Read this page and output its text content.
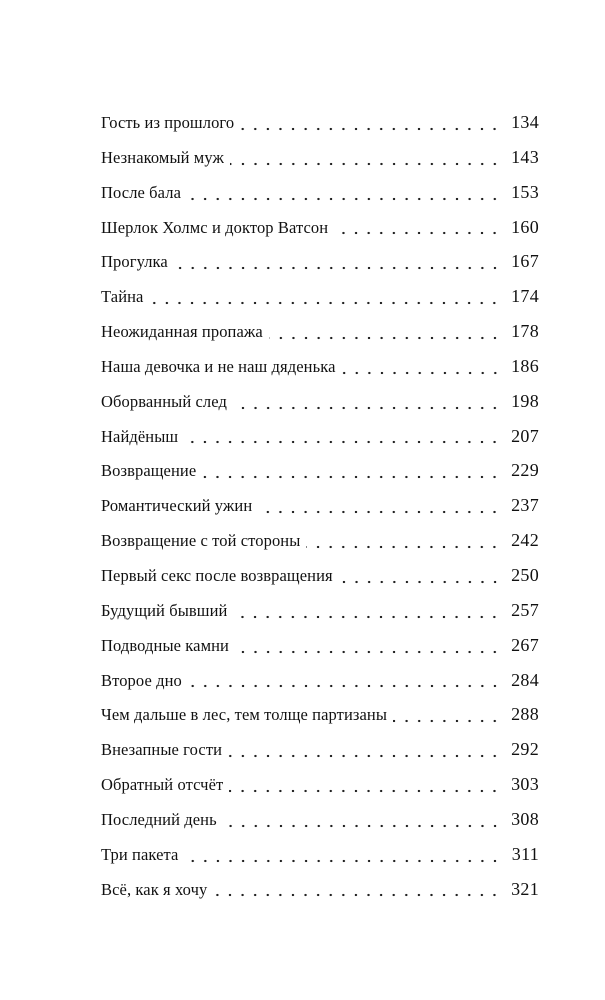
Гость из прошлого	134
Незнакомый муж	143
После бала	153
Шерлок Холмс и доктор Ватсон	160
Прогулка	167
Тайна	174
Неожиданная пропажа	178
Наша девочка и не наш дяденька	186
Оборванный след	198
Найдёныш	207
Возвращение	229
Романтический ужин	237
Возвращение с той стороны	242
Первый секс после возвращения	250
Будущий бывший	257
Подводные камни	267
Второе дно	284
Чем дальше в лес, тем толще партизаны	288
Внезапные гости	292
Обратный отсчёт	303
Последний день	308
Три пакета	311
Всё, как я хочу	321
